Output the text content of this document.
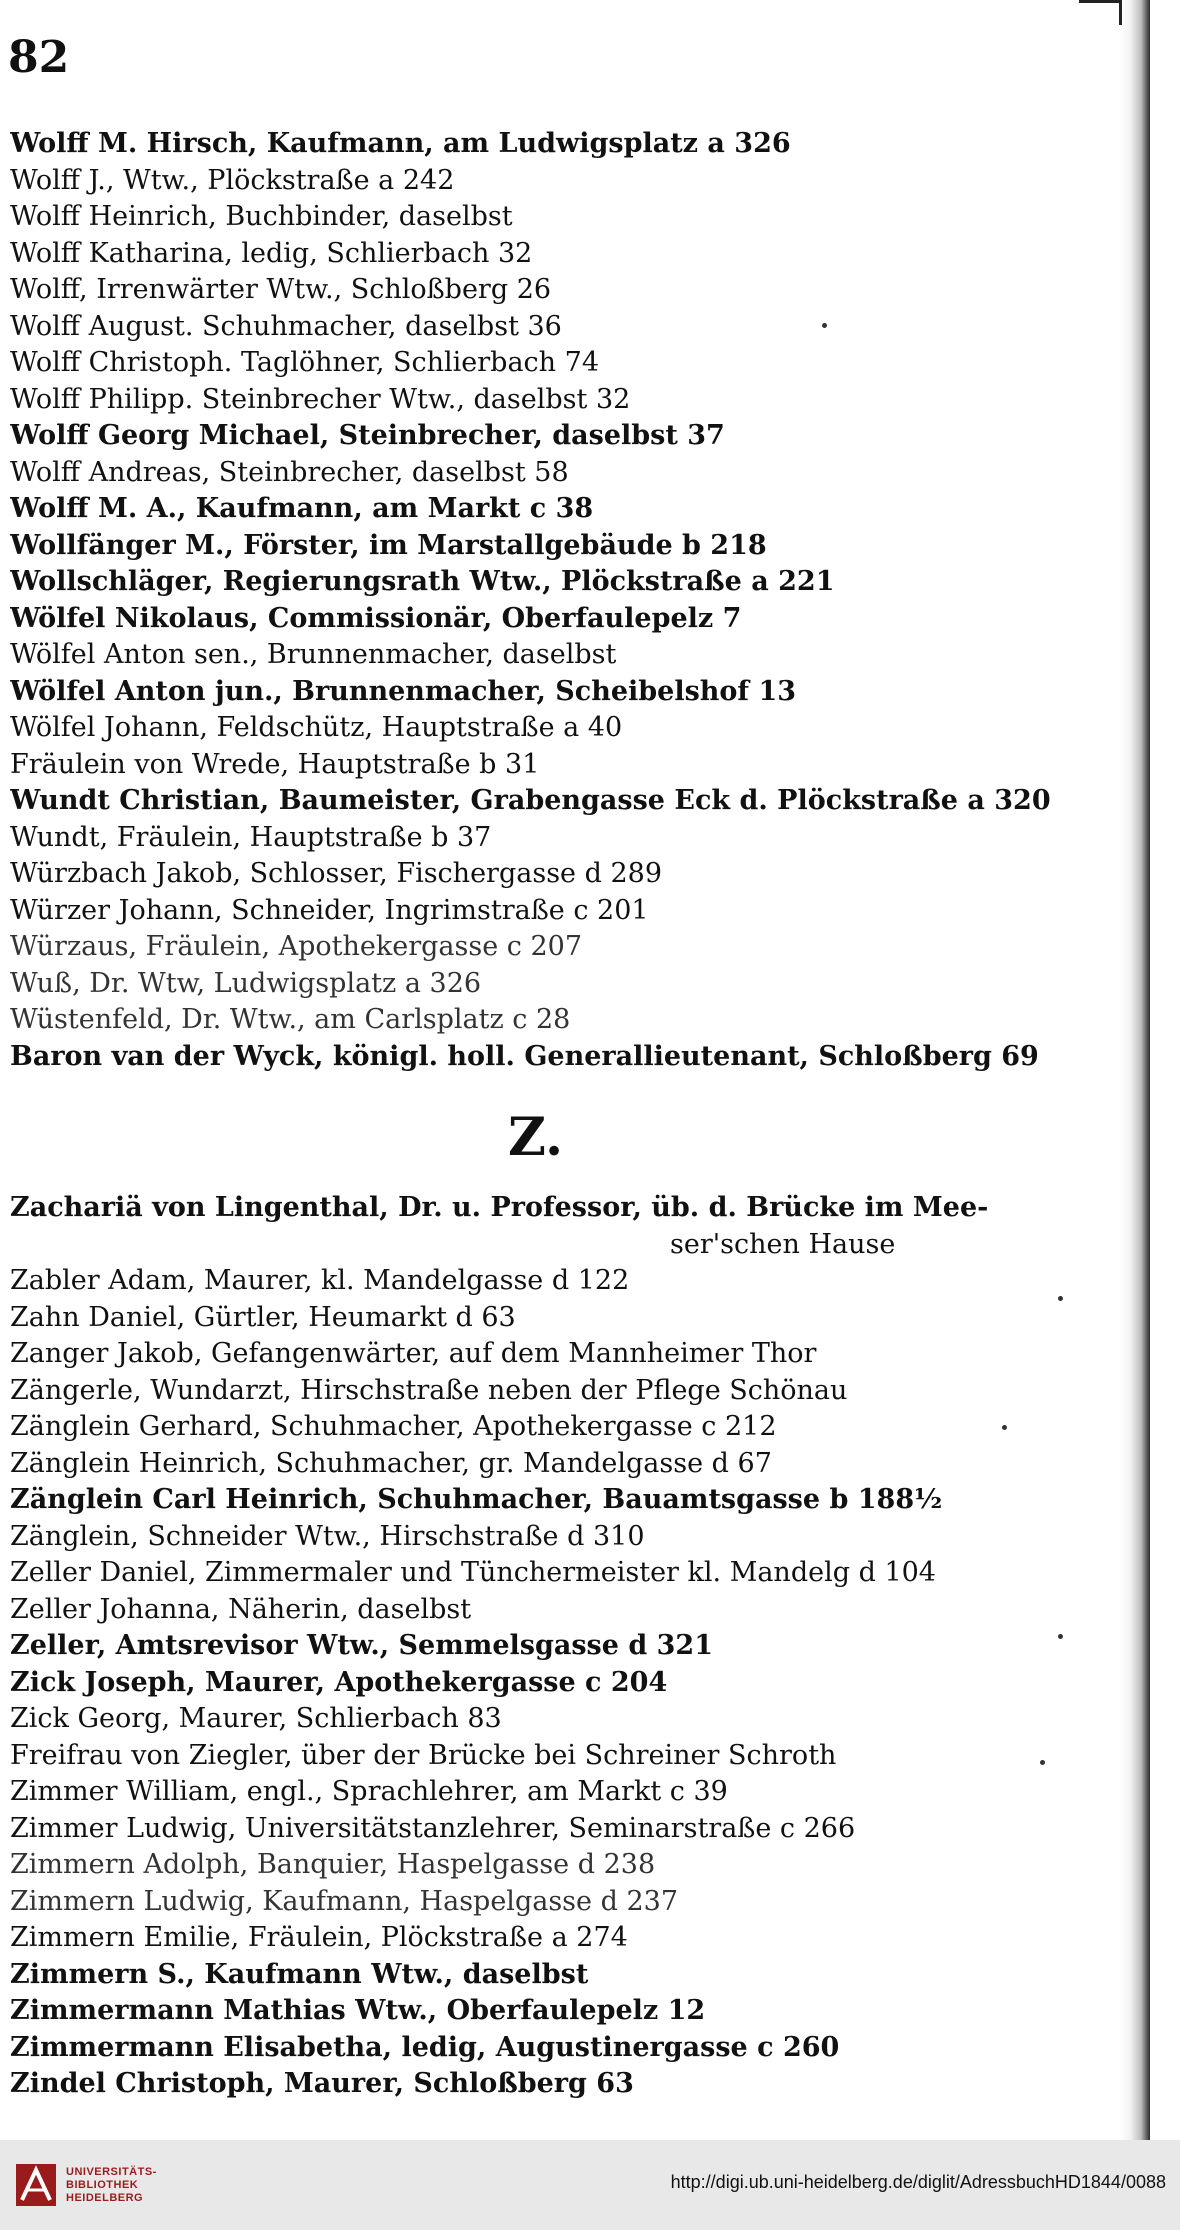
82
Wolff M. Hirsch, Kaufmann, am Ludwigsplatz a 326
Wolff J., Wtw., Plöckstraße a 242
Wolff Heinrich, Buchbinder, daselbst
Wolff Katharina, ledig, Schlierbach 32
Wolff, Irrenwärter Wtw., Schloßberg 26
Wolff August. Schuhmacher, daselbst 36
Wolff Christoph. Taglöhner, Schlierbach 74
Wolff Philipp. Steinbrecher Wtw., daselbst 32
Wolff Georg Michael, Steinbrecher, daselbst 37
Wolff Andreas, Steinbrecher, daselbst 58
Wolff M. A., Kaufmann, am Markt c 38
Wollfänger M., Förster, im Marstallgebäude b 218
Wollschläger, Regierungsrath Wtw., Plöckstraße a 221
Wölfel Nikolaus, Commissionär, Oberfaulepelz 7
Wölfel Anton sen., Brunnenmacher, daselbst
Wölfel Anton jun., Brunnenmacher, Scheibelshof 13
Wölfel Johann, Feldschütz, Hauptstraße a 40
Fräulein von Wrede, Hauptstraße b 31
Wundt Christian, Baumeister, Grabengasse Eck d. Plöckstraße a 320
Wundt, Fräulein, Hauptstraße b 37
Würzbach Jakob, Schlosser, Fischergasse d 289
Würzer Johann, Schneider, Ingrimstraße c 201
Würzaus, Fräulein, Apothekergasse c 207
Wuß, Dr. Wtw, Ludwigsplatz a 326
Wüstenfeld, Dr. Wtw., am Carlsplatz c 28
Baron van der Wyck, königl. holl. Generallieutenant, Schloßberg 69
Z.
Zachariä von Lingenthal, Dr. u. Professor, üb. d. Brücke im Mee-
ser'schen Hause
Zabler Adam, Maurer, kl. Mandelgasse d 122
Zahn Daniel, Gürtler, Heumarkt d 63
Zanger Jakob, Gefangenwärter, auf dem Mannheimer Thor
Zängerle, Wundarzt, Hirschstraße neben der Pflege Schönau
Zänglein Gerhard, Schuhmacher, Apothekergasse c 212
Zänglein Heinrich, Schuhmacher, gr. Mandelgasse d 67
Zänglein Carl Heinrich, Schuhmacher, Bauamtsgasse b 188½
Zänglein, Schneider Wtw., Hirschstraße d 310
Zeller Daniel, Zimmermaler und Tünchermeister kl. Mandelg d 104
Zeller Johanna, Näherin, daselbst
Zeller, Amtsrevisor Wtw., Semmelsgasse d 321
Zick Joseph, Maurer, Apothekergasse c 204
Zick Georg, Maurer, Schlierbach 83
Freifrau von Ziegler, über der Brücke bei Schreiner Schroth
Zimmer William, engl., Sprachlehrer, am Markt c 39
Zimmer Ludwig, Universitätstanzlehrer, Seminarstraße c 266
Zimmern Adolph, Banquier, Haspelgasse d 238
Zimmern Ludwig, Kaufmann, Haspelgasse d 237
Zimmern Emilie, Fräulein, Plöckstraße a 274
Zimmern S., Kaufmann Wtw., daselbst
Zimmermann Mathias Wtw., Oberfaulepelz 12
Zimmermann Elisabetha, ledig, Augustinergasse c 260
Zindel Christoph, Maurer, Schloßberg 63
UNIVERSITÄTS-
BIBLIOTHEK
HEIDELBERG
http://digi.ub.uni-heidelberg.de/diglit/AdressbuchHD1844/0088
